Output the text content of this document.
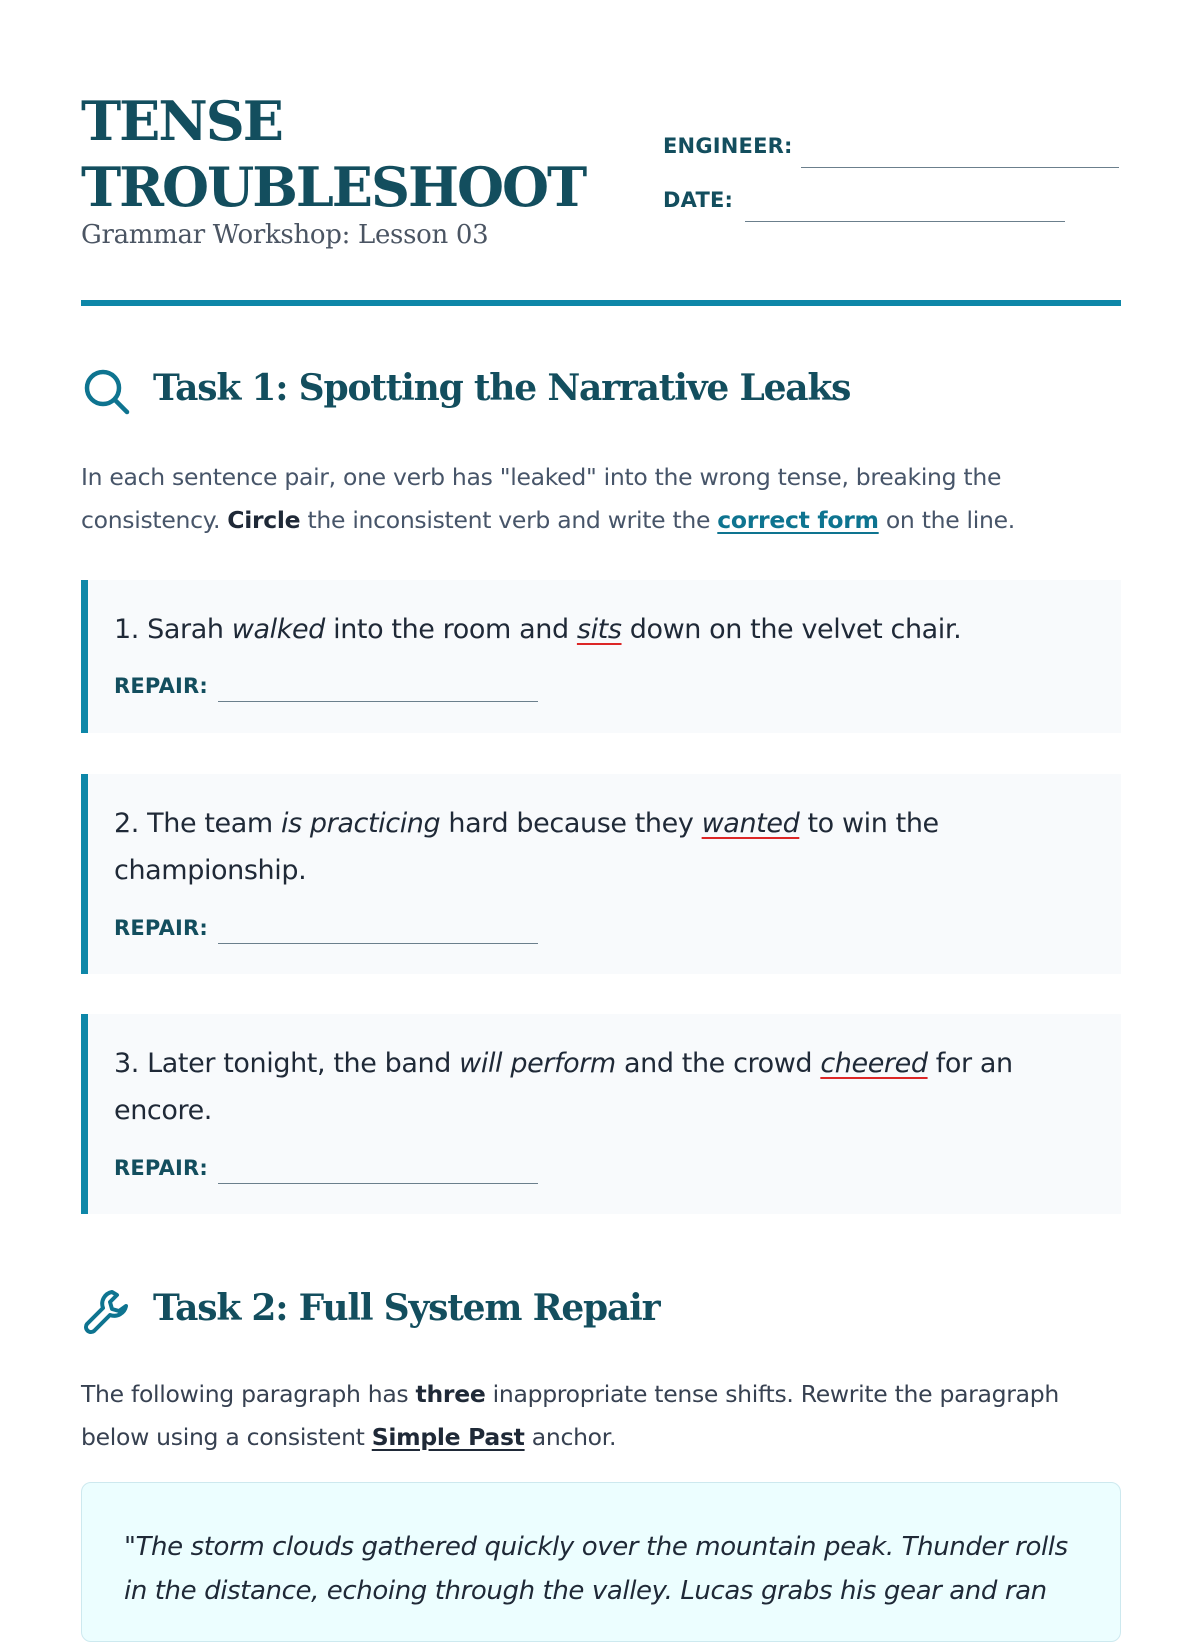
TENSE
TROUBLESHOOT
Grammar Workshop: Lesson 03
ENGINEER:
DATE:
Task 1: Spotting the Narrative Leaks

In each sentence pair, one verb has "leaked" into the wrong tense, breaking the consistency. Circle the inconsistent verb and write the correct form on the line.

1. Sarah walked into the room and sits down on the velvet chair.
REPAIR:
2. The team is practicing hard because they wanted to win the championship.
REPAIR:
3. Later tonight, the band will perform and the crowd cheered for an encore.
REPAIR:
Task 2: Full System Repair

The following paragraph has three inappropriate tense shifts. Rewrite the paragraph below using a consistent Simple Past anchor.

"The storm clouds gathered quickly over the mountain peak. Thunder rolls in the distance, echoing through the valley. Lucas grabs his gear and ran
